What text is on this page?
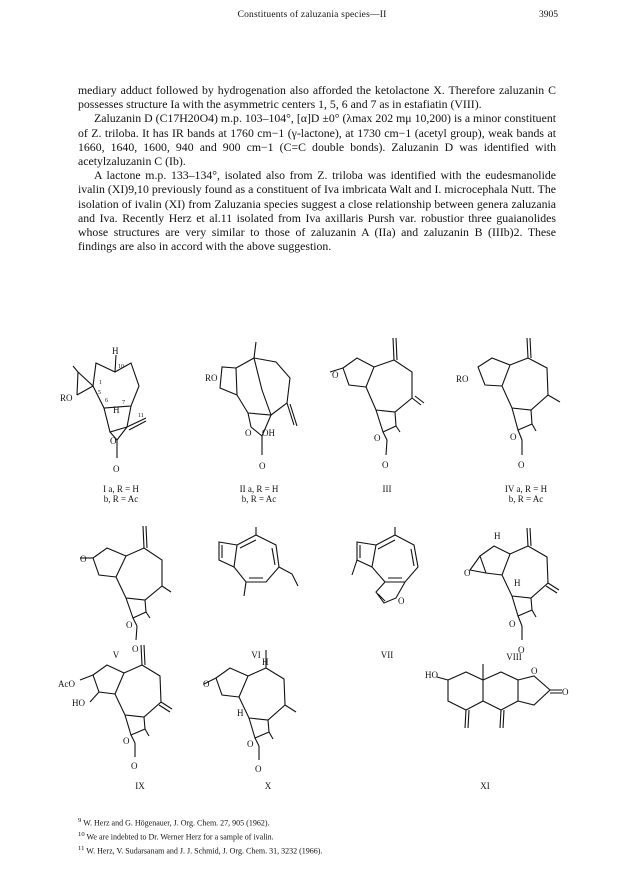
Constituents of zaluzania species—II	3905

mediary adduct followed by hydrogenation also afforded the ketolactone X. Therefore zaluzanin C possesses structure Ia with the asymmetric centers 1, 5, 6 and 7 as in estafiatin (VIII).

Zaluzanin D (C17H20O4) m.p. 103–104°, [α]D ±0° (λmax 202 mμ 10,200) is a minor constituent of Z. triloba. It has IR bands at 1760 cm−1 (γ-lactone), at 1730 cm−1 (acetyl group), weak bands at 1660, 1640, 1600, 940 and 900 cm−1 (C=C double bonds). Zaluzanin D was identified with acetylzaluzanin C (Ib).

A lactone m.p. 133–134°, isolated also from Z. triloba was identified with the eudesmanolide ivalin (XI)9,10 previously found as a constituent of Iva imbricata Walt and I. microcephala Nutt. The isolation of ivalin (XI) from Zaluzania species suggest a close relationship between genera zaluzania and Iva. Recently Herz et al.11 isolated from Iva axillaris Pursh var. robustior three guaianolides whose structures are very similar to those of zaluzanin A (IIa) and zaluzanin B (IIIb)2. These findings are also in accord with the above suggestion.

RO
H
O
O
H
10
1
5
6 7
11
RO
O
O OH
O
O
O
RO
O
O
O
O
O
O
O
O
O
H
H
AcO
HO
O
O
O
O
O
H
H
HO	O
O
I a, R = H
b, R = Ac
II a, R = H
b, R = Ac
III	IV a, R = H
b, R = Ac
V	VI	VII	VIII
IX	X	XI
$^9$ W. Herz and G. Högenauer, J. Org. Chem. 27, 905 (1962).
$^{10}$ We are indebted to Dr. Werner Herz for a sample of ivalin.
$^{11}$ W. Herz, V. Sudarsanam and J. J. Schmid, J. Org. Chem. 31, 3232 (1966).
